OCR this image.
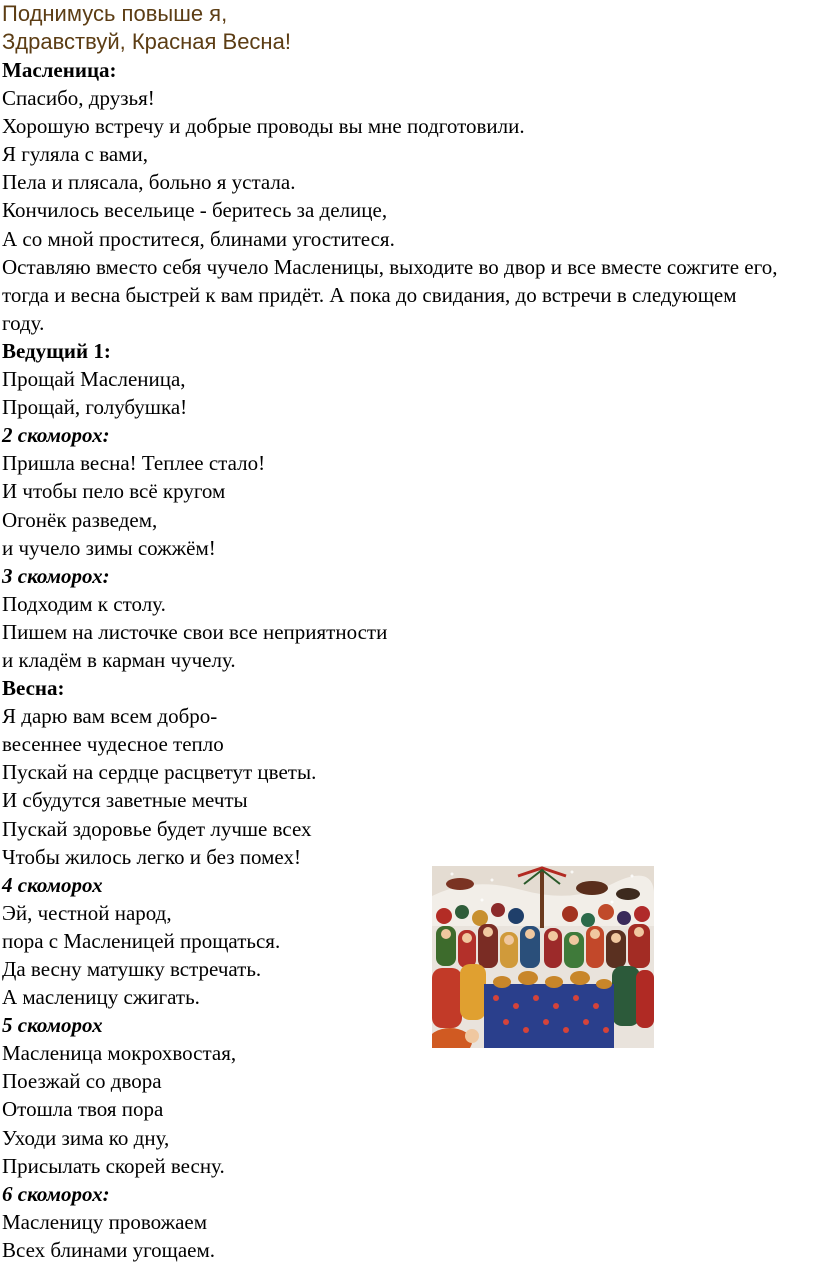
Поднимусь повыше я,
Здравствуй, Красная Весна!
Масленица:
Спасибо, друзья!
Хорошую встречу и добрые проводы вы мне подготовили.
Я гуляла с вами,
Пела и плясала, больно я устала.
Кончилось весельице - беритесь за делице,
А со мной проститеся, блинами угоститеся.
Оставляю вместо себя чучело Масленицы, выходите во двор и все вместе сожгите его, тогда и весна быстрей к вам придёт. А пока до свидания, до встречи в следующем году.
Ведущий 1:
Прощай Масленица,
Прощай, голубушка!
2 скоморох:
Пришла весна! Теплее стало!
И чтобы пело всё кругом
Огонёк разведем,
и чучело зимы сожжём!
3 скоморох:
Подходим к столу.
Пишем на листочке свои все неприятности
и кладём в карман чучелу.
Весна:
Я дарю вам всем добро-
весеннее чудесное тепло
Пускай на сердце расцветут цветы.
И сбудутся заветные мечты
Пускай здоровье будет лучше всех
Чтобы жилось легко и без помех!
4 скоморох
Эй, честной народ,
пора с Масленицей прощаться.
Да весну матушку встречать.
А масленицу сжигать.
5 скоморох
Масленица мокрохвостая,
Поезжай со двора
Отошла твоя пора
Уходи зима ко дну,
Присылать скорей весну.
6 скоморох:
Масленицу провожаем
Всех блинами угощаем.
